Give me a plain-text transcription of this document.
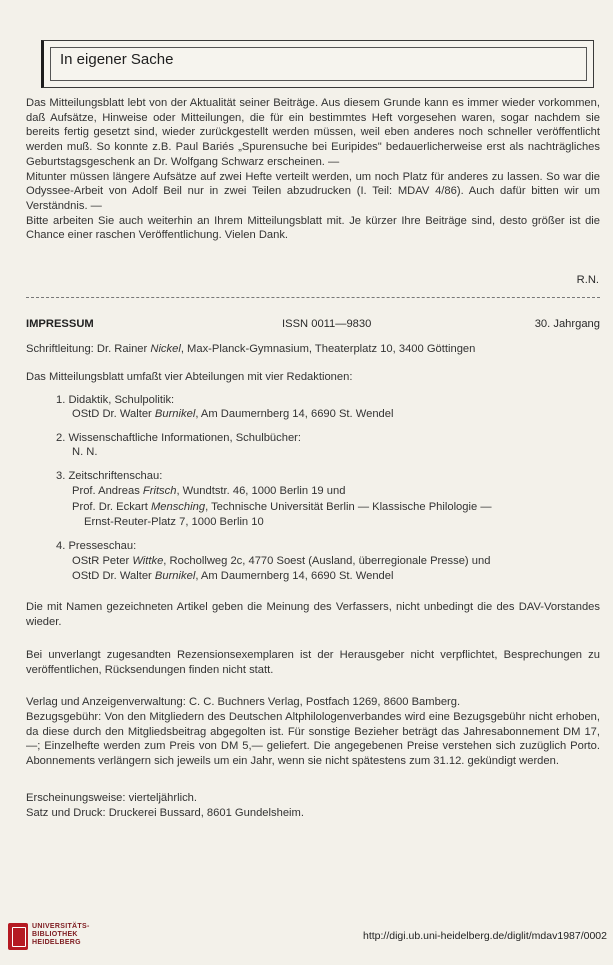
In eigener Sache

Das Mitteilungsblatt lebt von der Aktualität seiner Beiträge. Aus diesem Grunde kann es immer wieder vorkommen, daß Aufsätze, Hinweise oder Mitteilungen, die für ein bestimmtes Heft vorgesehen waren, sogar nachdem sie bereits fertig gesetzt sind, wieder zurückgestellt werden müssen, weil eben anderes noch schneller veröffentlicht werden muß. So konnte z.B. Paul Bariés „Spurensuche bei Euripides" bedauerlicherweise erst als nachträgliches Geburtstagsgeschenk an Dr. Wolfgang Schwarz erscheinen. —

Mitunter müssen längere Aufsätze auf zwei Hefte verteilt werden, um noch Platz für anderes zu lassen. So war die Odyssee-Arbeit von Adolf Beil nur in zwei Teilen abzudrucken (I. Teil: MDAV 4/86). Auch dafür bitten wir um Verständnis. —

Bitte arbeiten Sie auch weiterhin an Ihrem Mitteilungsblatt mit. Je kürzer Ihre Beiträge sind, desto größer ist die Chance einer raschen Veröffentlichung. Vielen Dank.

R.N.
IMPRESSUM	ISSN 0011—9830	30. Jahrgang
Schriftleitung: Dr. Rainer Nickel, Max-Planck-Gymnasium, Theaterplatz 10, 3400 Göttingen
Das Mitteilungsblatt umfaßt vier Abteilungen mit vier Redaktionen:
1. Didaktik, Schulpolitik:
OStD Dr. Walter Burnikel, Am Daumernberg 14, 6690 St. Wendel
2. Wissenschaftliche Informationen, Schulbücher:
N. N.
3. Zeitschriftenschau:
Prof. Andreas Fritsch, Wundtstr. 46, 1000 Berlin 19 und
Prof. Dr. Eckart Mensching, Technische Universität Berlin — Klassische Philologie —
Ernst-Reuter-Platz 7, 1000 Berlin 10
4. Presseschau:
OStR Peter Wittke, Rochollweg 2c, 4770 Soest (Ausland, überregionale Presse) und
OStD Dr. Walter Burnikel, Am Daumernberg 14, 6690 St. Wendel
Die mit Namen gezeichneten Artikel geben die Meinung des Verfassers, nicht unbedingt die des DAV-Vorstandes wieder.
Bei unverlangt zugesandten Rezensionsexemplaren ist der Herausgeber nicht verpflichtet, Besprechungen zu veröffentlichen, Rücksendungen finden nicht statt.
Verlag und Anzeigenverwaltung: C. C. Buchners Verlag, Postfach 1269, 8600 Bamberg.
Bezugsgebühr: Von den Mitgliedern des Deutschen Altphilologenverbandes wird eine Bezugsgebühr nicht erhoben, da diese durch den Mitgliedsbeitrag abgegolten ist. Für sonstige Bezieher beträgt das Jahresabonnement DM 17,—; Einzelhefte werden zum Preis von DM 5,— geliefert. Die angegebenen Preise verstehen sich zuzüglich Porto. Abonnements verlängern sich jeweils um ein Jahr, wenn sie nicht spätestens zum 31.12. gekündigt werden.
Erscheinungsweise: vierteljährlich.
Satz und Druck: Druckerei Bussard, 8601 Gundelsheim.
UNIVERSITÄTS-
BIBLIOTHEK
HEIDELBERG
http://digi.ub.uni-heidelberg.de/diglit/mdav1987/0002
